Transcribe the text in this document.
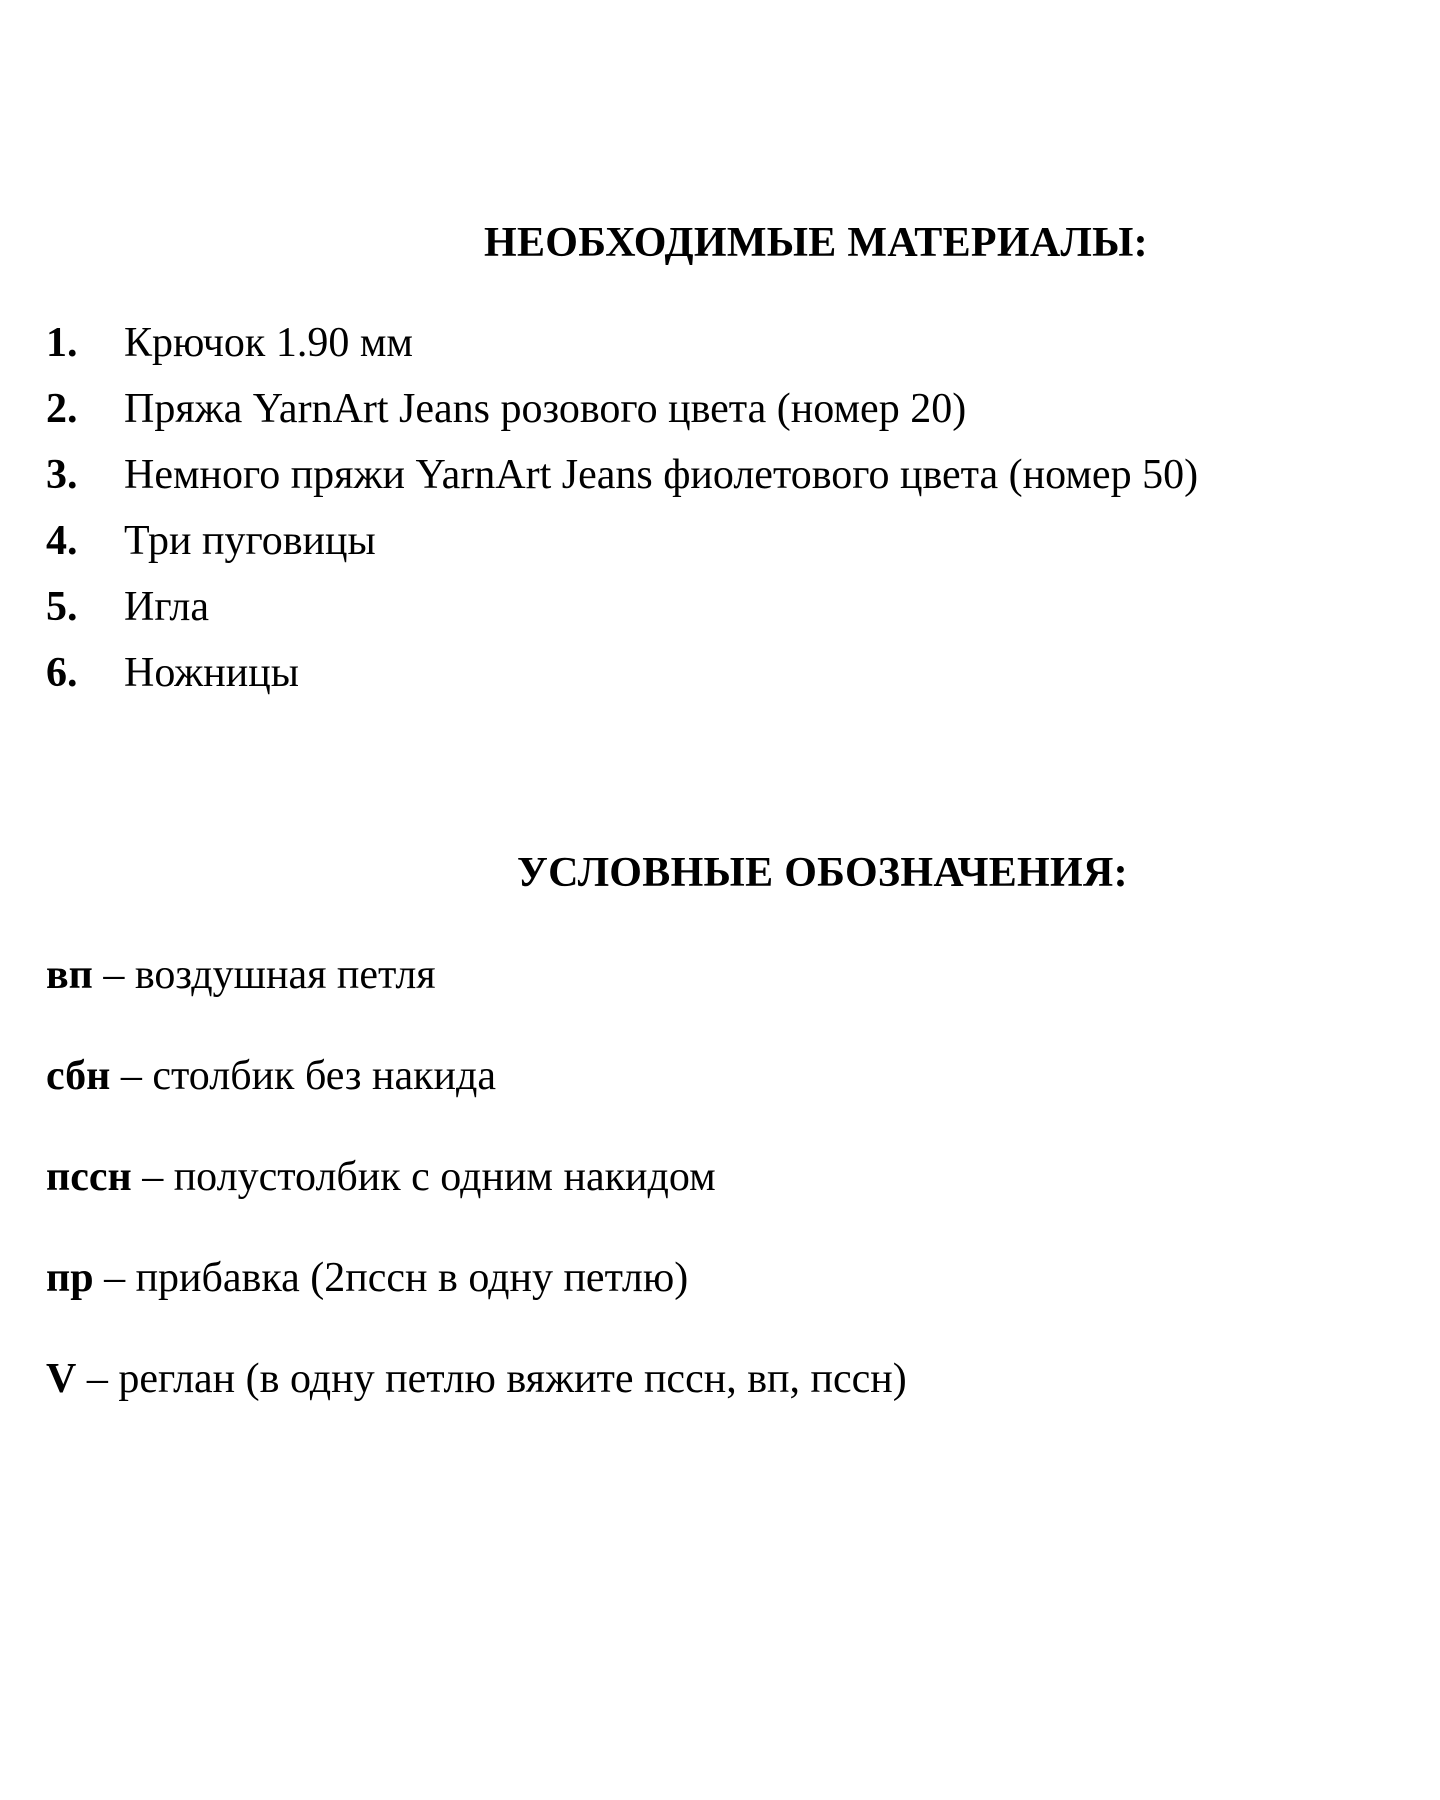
НЕОБХОДИМЫЕ МАТЕРИАЛЫ:
1.	Крючок 1.90 мм
2.	Пряжа YarnArt Jeans розового цвета (номер 20)
3.	Немного пряжи YarnArt Jeans фиолетового цвета (номер 50)
4.	Три пуговицы
5.	Игла
6.	Ножницы
УСЛОВНЫЕ ОБОЗНАЧЕНИЯ:
вп – воздушная петля
сбн – столбик без накида
пссн – полустолбик с одним накидом
пр – прибавка (2пссн в одну петлю)
V – реглан (в одну петлю вяжите пссн, вп, пссн)
